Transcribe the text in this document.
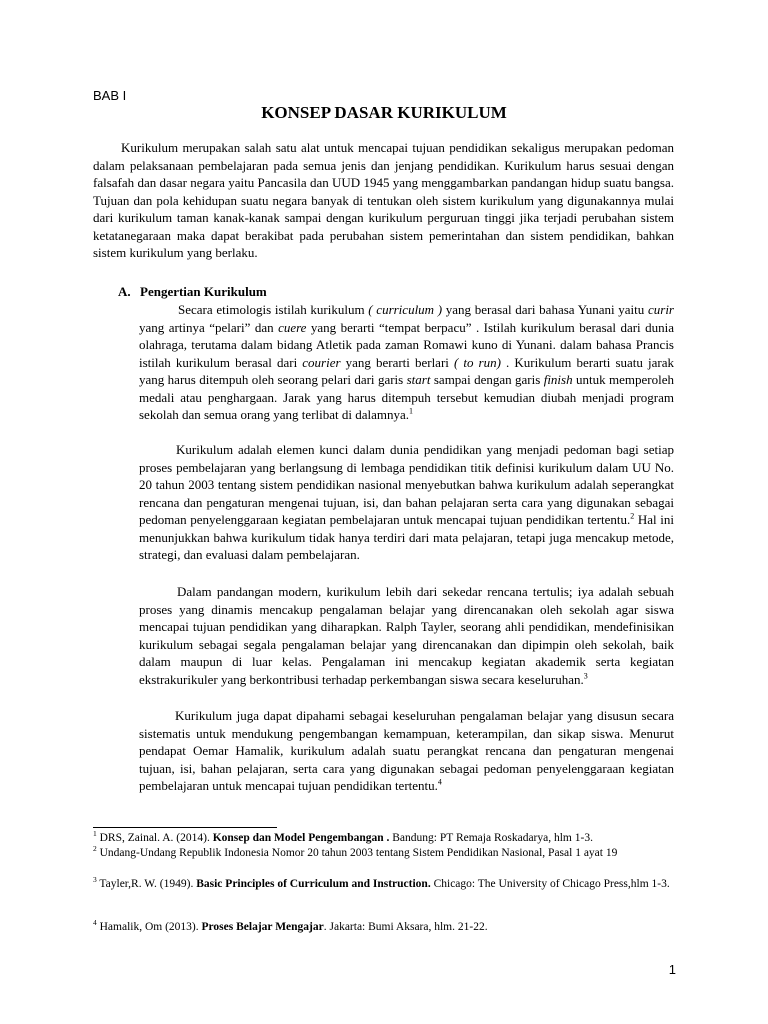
BAB I
KONSEP DASAR KURIKULUM

Kurikulum merupakan salah satu alat untuk mencapai tujuan pendidikan sekaligus merupakan pedoman dalam pelaksanaan pembelajaran pada semua jenis dan jenjang pendidikan. Kurikulum harus sesuai dengan falsafah dan dasar negara yaitu Pancasila dan UUD 1945 yang menggambarkan pandangan hidup suatu bangsa. Tujuan dan pola kehidupan suatu negara banyak di tentukan oleh sistem kurikulum yang digunakannya mulai dari kurikulum taman kanak-kanak sampai dengan kurikulum perguruan tinggi jika terjadi perubahan sistem ketatanegaraan maka dapat berakibat pada perubahan sistem pemerintahan dan sistem pendidikan, bahkan sistem kurikulum yang berlaku.

A. Pengertian Kurikulum

Secara etimologis istilah kurikulum ( curriculum ) yang berasal dari bahasa Yunani yaitu curir yang artinya “pelari” dan cuere yang berarti “tempat berpacu” . Istilah kurikulum berasal dari dunia olahraga, terutama dalam bidang Atletik pada zaman Romawi kuno di Yunani. dalam bahasa Prancis istilah kurikulum berasal dari courier yang berarti berlari ( to run) . Kurikulum berarti suatu jarak yang harus ditempuh oleh seorang pelari dari garis start sampai dengan garis finish untuk memperoleh medali atau penghargaan. Jarak yang harus ditempuh tersebut kemudian diubah menjadi program sekolah dan semua orang yang terlibat di dalamnya.$^1$

Kurikulum adalah elemen kunci dalam dunia pendidikan yang menjadi pedoman bagi setiap proses pembelajaran yang berlangsung di lembaga pendidikan titik definisi kurikulum dalam UU No. 20 tahun 2003 tentang sistem pendidikan nasional menyebutkan bahwa kurikulum adalah seperangkat rencana dan pengaturan mengenai tujuan, isi, dan bahan pelajaran serta cara yang digunakan sebagai pedoman penyelenggaraan kegiatan pembelajaran untuk mencapai tujuan pendidikan tertentu.$^2$ Hal ini menunjukkan bahwa kurikulum tidak hanya terdiri dari mata pelajaran, tetapi juga mencakup metode, strategi, dan evaluasi dalam pembelajaran.

Dalam pandangan modern, kurikulum lebih dari sekedar rencana tertulis; iya adalah sebuah proses yang dinamis mencakup pengalaman belajar yang direncanakan oleh sekolah agar siswa mencapai tujuan pendidikan yang diharapkan. Ralph Tayler, seorang ahli pendidikan, mendefinisikan kurikulum sebagai segala pengalaman belajar yang direncanakan dan dipimpin oleh sekolah, baik dalam maupun di luar kelas. Pengalaman ini mencakup kegiatan akademik serta kegiatan ekstrakurikuler yang berkontribusi terhadap perkembangan siswa secara keseluruhan.$^3$

Kurikulum juga dapat dipahami sebagai keseluruhan pengalaman belajar yang disusun secara sistematis untuk mendukung pengembangan kemampuan, keterampilan, dan sikap siswa. Menurut pendapat Oemar Hamalik, kurikulum adalah suatu perangkat rencana dan pengaturan mengenai tujuan, isi, bahan pelajaran, serta cara yang digunakan sebagai pedoman penyelenggaraan kegiatan pembelajaran untuk mencapai tujuan pendidikan tertentu.$^4$

$^1$ DRS, Zainal. A. (2014). Konsep dan Model Pengembangan . Bandung: PT Remaja Roskadarya, hlm 1-3.

$^2$ Undang-Undang Republik Indonesia Nomor 20 tahun 2003 tentang Sistem Pendidikan Nasional, Pasal 1 ayat 19

$^3$ Tayler,R. W. (1949). Basic Principles of Curriculum and Instruction. Chicago: The University of Chicago Press,hlm 1-3.

$^4$ Hamalik, Om (2013). Proses Belajar Mengajar. Jakarta: Bumi Aksara, hlm. 21-22.

1
